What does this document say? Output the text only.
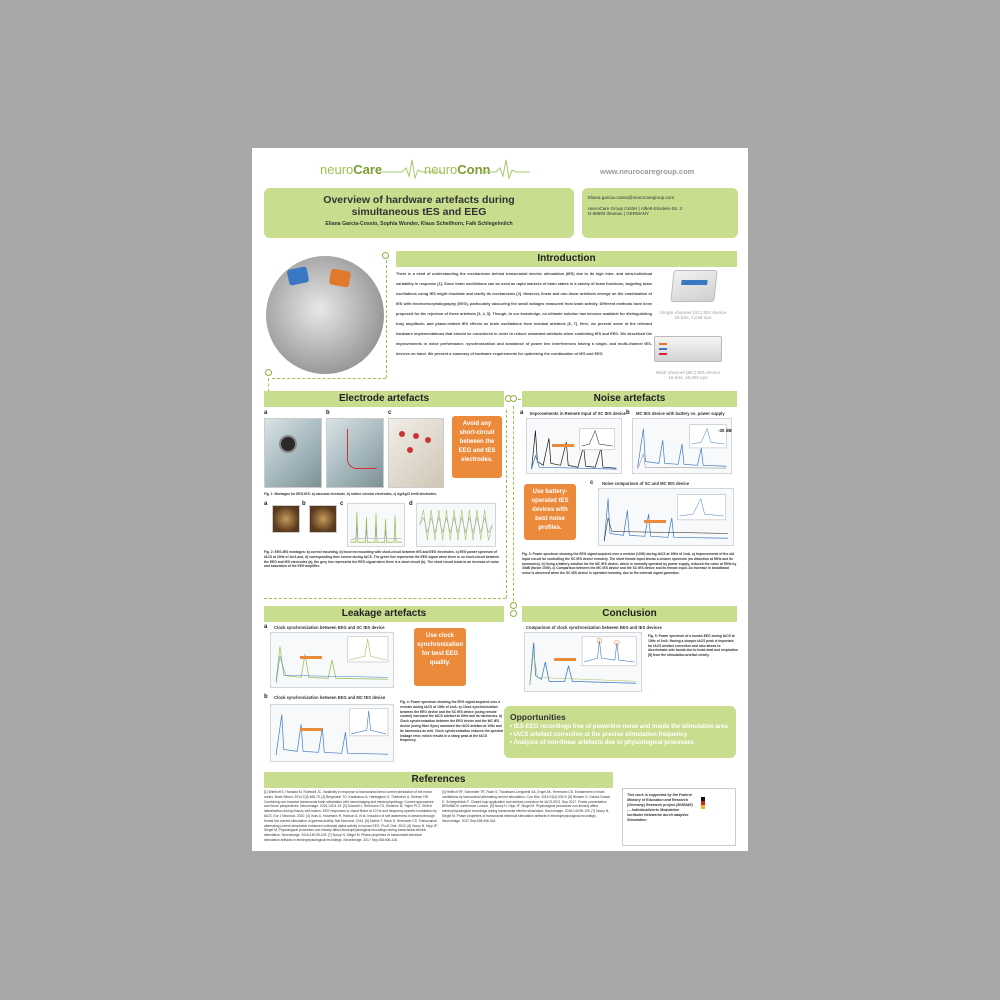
neuroCare	neuroConn	www.neurocaregroup.com
Overview of hardware artefacts during
simultaneous tES and EEG
Eliana Garcia-Cossio, Sophia Wunder, Klaus Schellhorn, Falk Schlegelmilch
Eliana.garcia.cossio@neurocaregroup.com
neuroCare Group GmbH | Albert-Einstein-Str. 3
D-98693 Ilmenau | GERMANY
Introduction
There is a need of understanding the mechanisms behind transcranial electric stimulation (tES) due to its high inter- and intra-individual variability in response [1]. Since brain oscillations can be used as rapid markers of brain states in a variety of brain functions, targeting brain oscillations using tES might elucidate and clarify its mechanisms [2]. However, linear and non-linear artefacts emerge on the combination of tES with electroencephalography (EEG), particularly obscuring the small voltages measured from brain activity. Different methods have been proposed for the rejection of these artefacts [3, 4, 5]. Though, to our knowledge, no ultimate solution has become available for distinguishing truly amplitude- and phase-related tES effects on brain oscillations from residual artefacts [6, 7]. Here, we present some of the relevant hardware implementations that should be considered in order to reduce unwanted artefacts when combining tES and EEG. We described the improvements in noise performance, synchronization and avoidance of power line interferences having a single- and multi-channel tES-devices on hand. We present a summary of hardware requirements for optimizing the combination of tES and EEG.
Single channel (SC) tES device
16 bits, 2,048 sps
Multi channel (MC) tES device
16 bits, 16,000 sps
Electrode artefacts
a	b	c
Avoid any short-circuit between the EEG and tES electrodes.
Fig. 1: Montages for EEG-tES: a) classical electrode, b) rubber circular electrodes, c) Ag/AgCl textil electrodes.
a	b	c	d
Fig. 2: EEG-tES montages: a) correct mounting, b) incorrect mounting with short-circuit between tES and EEG electrodes. c) EEG power spectrum of tACS at 10Hz of 1mA and, d) corresponding time course during tACS. The green line represents the EEG signal when there is no short-circuit between the EEG and tES electrodes (a), the grey line represents the EEG signal when there is a short circuit (b). The short circuit leads to an increase of noise and saturation of the EEG amplifier.
Noise artefacts
a Improvements in Remote Input of SC tES device b MC tES device with battery vs. power supply
-30 dB
Use battery-operated tES devices with best noise profiles.
c Noise comparison of SC and MC tES device
Fig. 3: Power spectrum showing the EEG signal acquired over a resistor (1000) during tACS at 10Hz of 1mA. a) Improvements of the old input circuit for controlling the SC tES device remotely. The short female input shows a cleaner spectrum (no distortion at 50Hz and its harmonics). b) Using a battery solution for the MC tES device, which is normally operated by power supply, reduced the noise at 50Hz by 30dB (factor 1000). c) Comparison between the MC tES device and the SC tES device and its female input. An increase in broadband noise is observed when the SC tES device is operated remotely, due to the external signal generator.
Leakage artefacts
a Clock synchronization between EEG and SC tES device
Use clock synchronization for best EEG quality.
b Clock synchronization between EEG and MC tES device
Fig. 4: Power spectrum showing the EEG signal acquired over a resistor during tACS at 10Hz of 1mA. a) Clock synchronization between the EEG device and the SC tES device (using remote control) narrowed the tACS artefact at 10Hz and its harmonics. b) Clock synchronization between the EEG device and the MC tES device (using fiber Sync) narrowed the tACS artefact at 10Hz and its harmonics as well. Clock synchronization reduces the spectral leakage error, which results in a sharp peak at the tACS frequency.
Conclusion
Comparison of clock synchronization between EEG and tES devices
Fig. 5: Power spectrum of a human EEG during tACS at 10Hz of 1mA. Having a sharper tACS peak is important for tACS artefact correction and also allows to discriminate side bands due to heart-beat and respiration [8] from the stimulation artefact clearly.
Opportunities
• tES-EEG recordings free of powerline noise and inside the stimulation area
• tACS artefact correction at the precise stimulation frequency
• Analysis of non-linear artefacts due to physiological processes
References
[1] Wiethoff S, Hamada M, Rothwell JC. Variability in response to transcranial direct current stimulation of the motor cortex. Brain Stimul. 2014;7(3):468-75. [2] Bergmann TO, Karabanov A, Hartwigsen G, Thielscher A, Siebner HR. Combining non-invasive transcranial brain stimulation with neuroimaging and electrophysiology: Current approaches and future perspectives. Neuroimage. 2016;140:4-19. [3] Dowsett J, Herrmann CS, Dieterich M, Taylor PCJ. Shift in lateralization during illusory self-motion: EEG responses to visual flicker at 10 Hz and frequency-specific modulation by tACS. Eur J Neurosci. 2020. [4] Voss U, Holzmann R, Hobson A, et al. Induction of self awareness in dreams through frontal low current stimulation of gamma activity. Nat Neurosci. 2014. [5] Zaehle T, Rach S, Herrmann CS. Transcranial alternating current stimulation enhances individual alpha activity in human EEG. PLoS One. 2010. [6] Noury N, Hipp JF, Siegel M. Physiological processes non-linearly affect electrophysiological recordings during transcranial electric stimulation. Neuroimage. 2016;140:99-109. [7] Noury N, Siegel M. Phase properties of transcranial electrical stimulation artifacts in electrophysiological recordings. Neuroimage. 2017 Sep;158:406-416.
[4] Helfrich RF, Schneider TR, Rach S, Trautmann-Lengsfeld SA, Engel AK, Herrmann CS. Entrainment of brain oscillations by transcranial alternating current stimulation. Curr Biol. 2014;24(3):333-9. [5] Wunder S, Garcia-Cossio E, Schlegelmilch F. Closed-loop application and artefact correction for tACS-EEG. Sep 2017. Poster presentation BRAINBOX conference London. [6] Noury N, Hipp JF, Siegel M. Physiological processes non-linearly affect electrophysiological recordings during transcranial electric stimulation. Neuroimage. 2016;140:99-109. [7] Noury N, Siegel M. Phase properties of transcranial electrical stimulation artifacts in electrophysiological recordings. Neuroimage. 2017 Sep;158:406-416.
This work is supported by the Federal Ministry of Education and Research (Germany) Research project (MOBIAE) — Individualisierte Modulation kortikaler Netzwerke durch adaptive Stimulation
